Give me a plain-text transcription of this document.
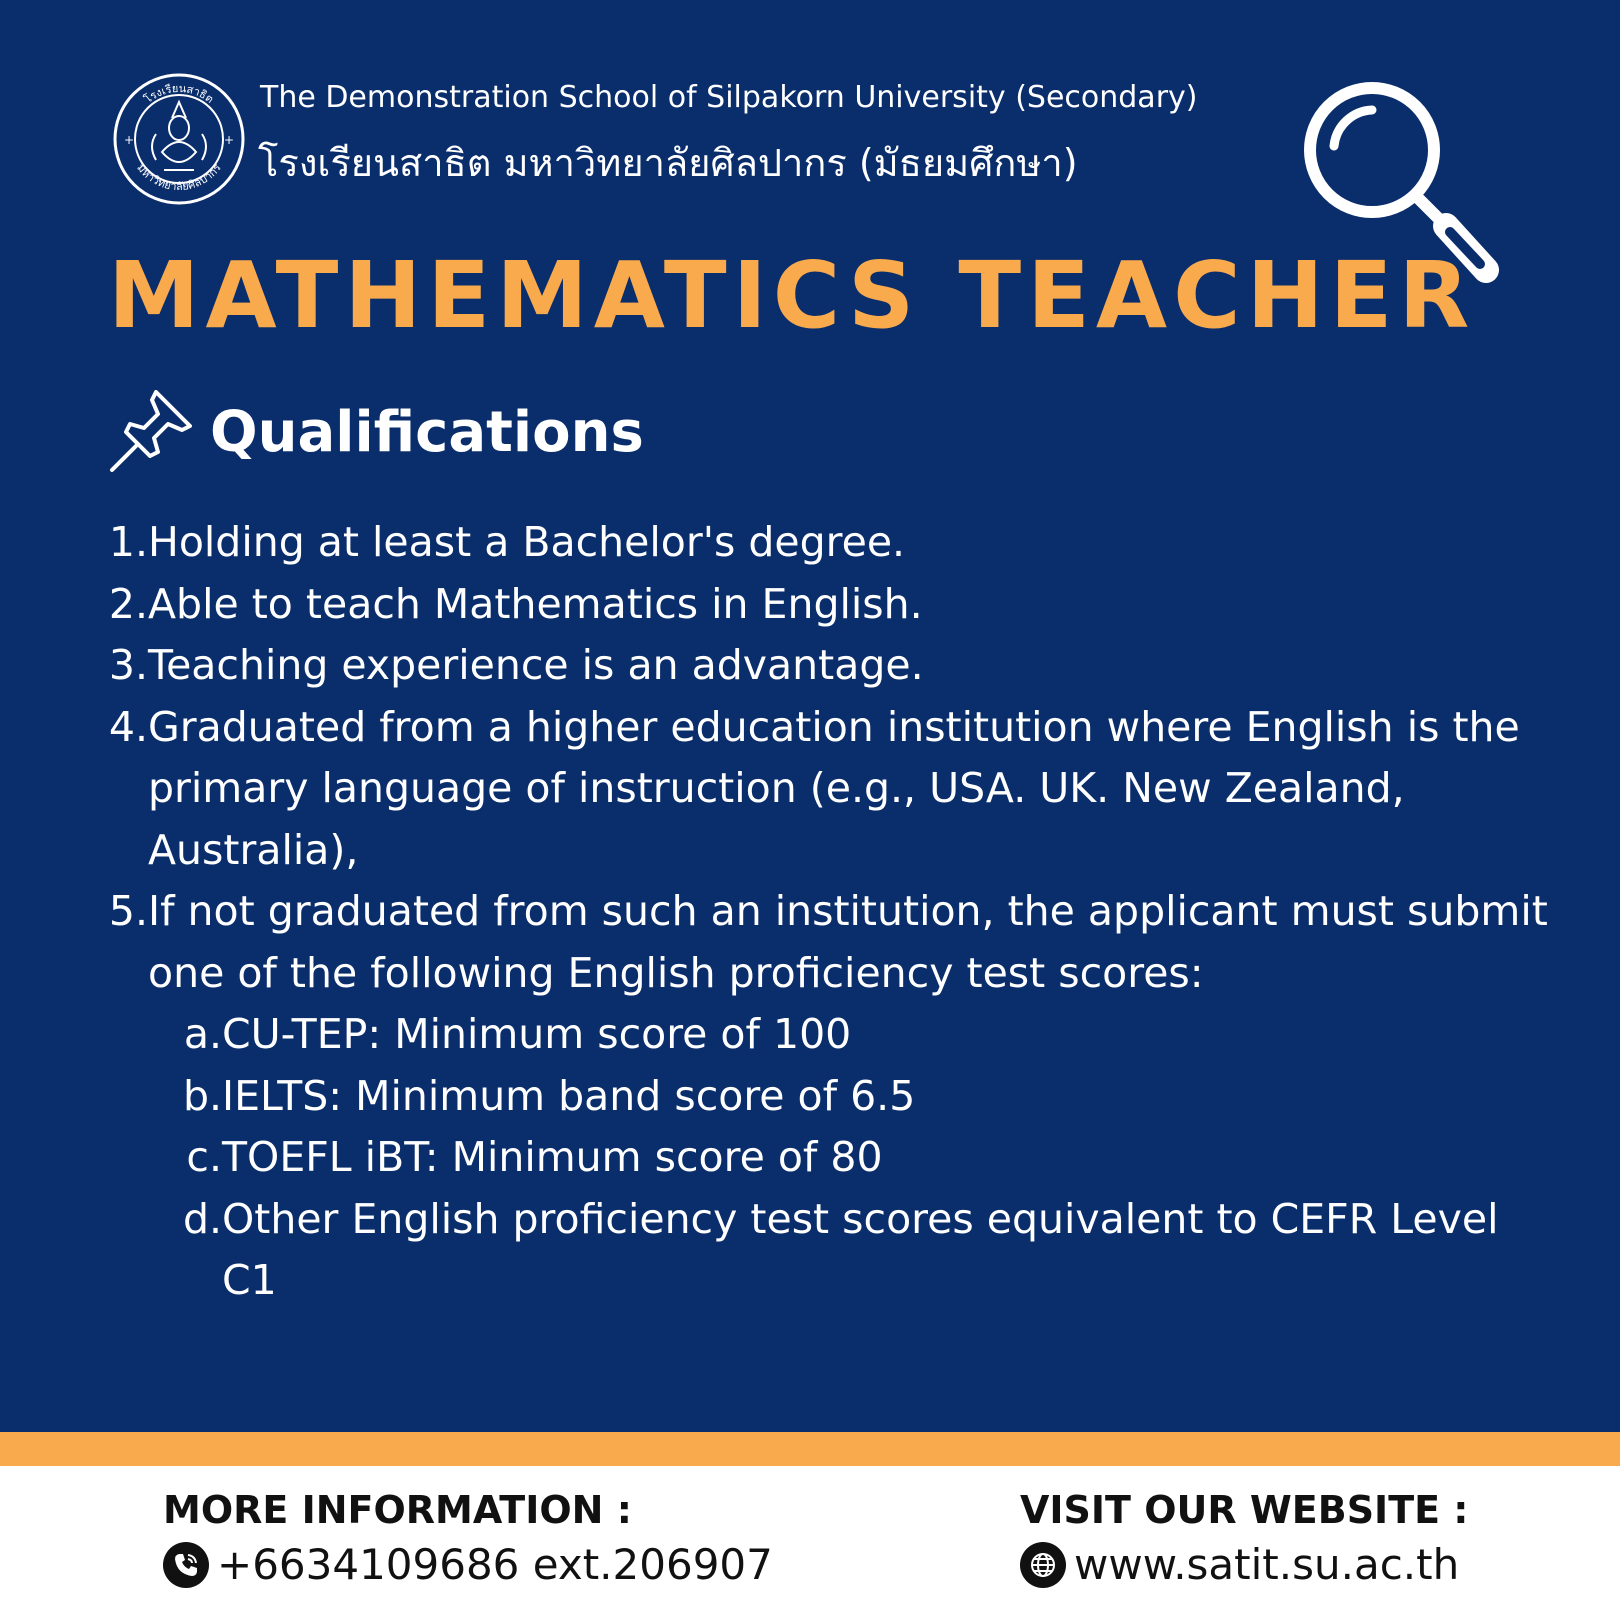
โรงเรียนสาธิต
มหาวิทยาลัยศิลปากร
+	+
The Demonstration School of Silpakorn University (Secondary)
โรงเรียนสาธิต มหาวิทยาลัยศิลปากร (มัธยมศึกษา)
MATHEMATICS TEACHER
Qualifications
1. Holding at least a Bachelor's degree.
2. Able to teach Mathematics in English.
3. Teaching experience is an advantage.
4. Graduated from a higher education institution where English is the primary language of instruction (e.g., USA. UK. New Zealand, Australia),
5. If not graduated from such an institution, the applicant must submit one of the following English proficiency test scores:
a. CU-TEP: Minimum score of 100
b. IELTS: Minimum band score of 6.5
c. TOEFL iBT: Minimum score of 80
d. Other English proficiency test scores equivalent to CEFR Level C1
MORE INFORMATION :
+6634109686 ext.206907
VISIT OUR WEBSITE :
www.satit.su.ac.th
